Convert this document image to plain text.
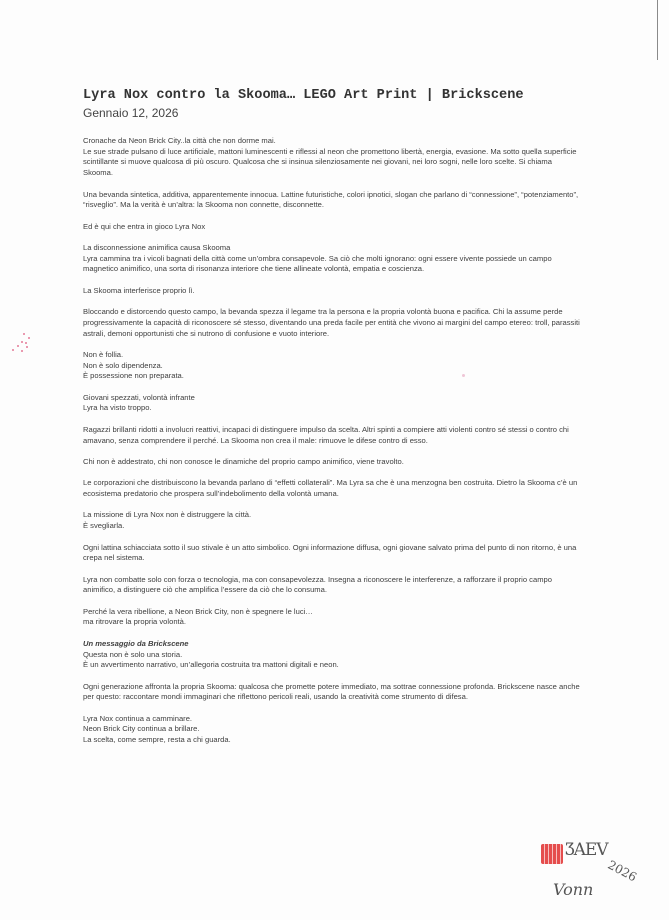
Lyra Nox contro la Skooma… LEGO Art Print | Brickscene
Gennaio 12, 2026
Cronache da Neon Brick City..la città che non dorme mai.
Le sue strade pulsano di luce artificiale, mattoni luminescenti e riflessi al neon che promettono libertà, energia, evasione. Ma sotto quella superficie scintillante si muove qualcosa di più oscuro. Qualcosa che si insinua silenziosamente nei giovani, nei loro sogni, nelle loro scelte. Si chiama Skooma.
Una bevanda sintetica, additiva, apparentemente innocua. Lattine futuristiche, colori ipnotici, slogan che parlano di “connessione”, “potenziamento”, “risveglio”. Ma la verità è un’altra: la Skooma non connette, disconnette.
Ed è qui che entra in gioco Lyra Nox
La disconnessione animifica causa Skooma
Lyra cammina tra i vicoli bagnati della città come un’ombra consapevole. Sa ciò che molti ignorano: ogni essere vivente possiede un campo magnetico animifico, una sorta di risonanza interiore che tiene allineate volontà, empatia e coscienza.
La Skooma interferisce proprio lì.
Bloccando e distorcendo questo campo, la bevanda spezza il legame tra la persona e la propria volontà buona e pacifica. Chi la assume perde progressivamente la capacità di riconoscere sé stesso, diventando una preda facile per entità che vivono ai margini del campo etereo: troll, parassiti astrali, demoni opportunisti che si nutrono di confusione e vuoto interiore.
Non è follia.
Non è solo dipendenza.
È possessione non preparata.
Giovani spezzati, volontà infrante
Lyra ha visto troppo.
Ragazzi brillanti ridotti a involucri reattivi, incapaci di distinguere impulso da scelta. Altri spinti a compiere atti violenti contro sé stessi o contro chi amavano, senza comprendere il perché. La Skooma non crea il male: rimuove le difese contro di esso.
Chi non è addestrato, chi non conosce le dinamiche del proprio campo animifico, viene travolto.
Le corporazioni che distribuiscono la bevanda parlano di “effetti collaterali”. Ma Lyra sa che è una menzogna ben costruita. Dietro la Skooma c’è un ecosistema predatorio che prospera sull’indebolimento della volontà umana.
La missione di Lyra Nox non è distruggere la città.
È svegliarla.
Ogni lattina schiacciata sotto il suo stivale è un atto simbolico. Ogni informazione diffusa, ogni giovane salvato prima del punto di non ritorno, è una crepa nel sistema.
Lyra non combatte solo con forza o tecnologia, ma con consapevolezza. Insegna a riconoscere le interferenze, a rafforzare il proprio campo animifico, a distinguere ciò che amplifica l’essere da ciò che lo consuma.
Perché la vera ribellione, a Neon Brick City, non è spegnere le luci…
ma ritrovare la propria volontà.
Un messaggio da Brickscene
Questa non è solo una storia.
È un avvertimento narrativo, un’allegoria costruita tra mattoni digitali e neon.
Ogni generazione affronta la propria Skooma: qualcosa che promette potere immediato, ma sottrae connessione profonda. Brickscene nasce anche per questo: raccontare mondi immaginari che riflettono pericoli reali, usando la creatività come strumento di difesa.
Lyra Nox continua a camminare.
Neon Brick City continua a brillare.
La scelta, come sempre, resta a chi guarda.
ƷAEV
2026
Vonn
